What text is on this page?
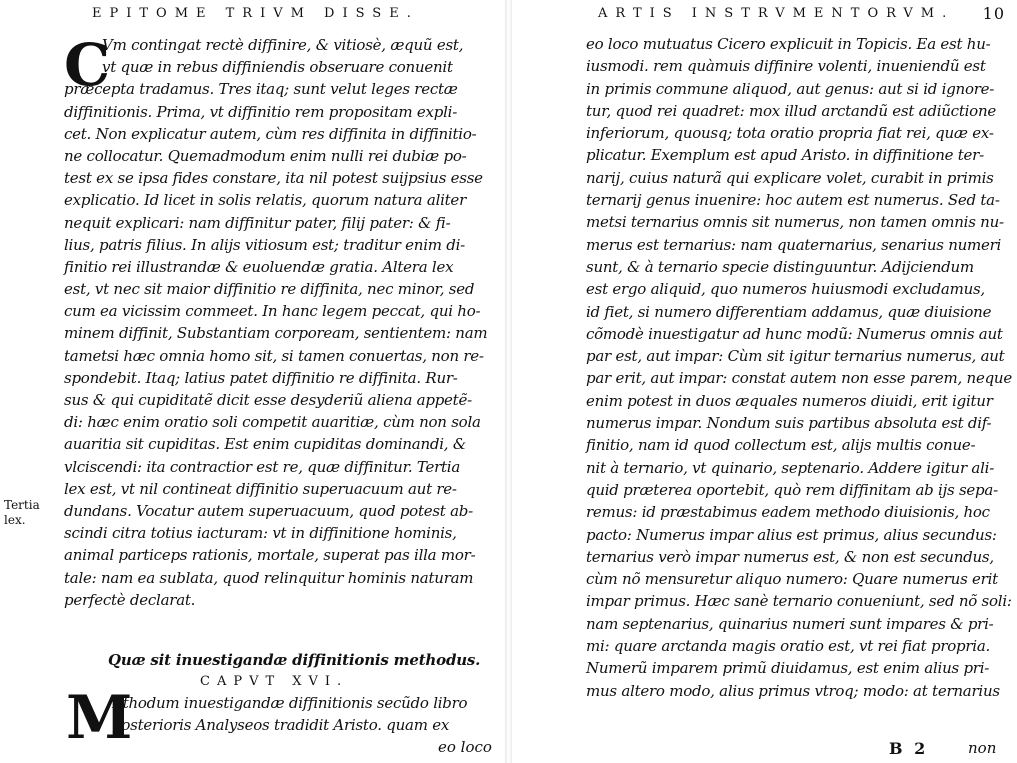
EPITOME TRIVM DISSE.
C
Vm contingat rectè diffinire, & vitiosè, æquũ est,
vt quæ in rebus diffiniendis obseruare conuenit
præcepta tradamus. Tres itaq; sunt velut leges rectæ
diffinitionis. Prima, vt diffinitio rem propositam expli-
cet. Non explicatur autem, cùm res diffinita in diffinitio-
ne collocatur. Quemadmodum enim nulli rei dubiæ po-
test ex se ipsa fides constare, ita nil potest suijpsius esse
explicatio. Id licet in solis relatis, quorum natura aliter
nequit explicari: nam diffinitur pater, filij pater: & fi-
lius, patris filius. In alijs vitiosum est; traditur enim di-
finitio rei illustrandæ & euoluendæ gratia. Altera lex
est, vt nec sit maior diffinitio re diffinita, nec minor, sed
cum ea vicissim commeet. In hanc legem peccat, qui ho-
minem diffinit, Substantiam corpoream, sentientem: nam
tametsi hæc omnia homo sit, si tamen conuertas, non re-
spondebit. Itaq; latius patet diffinitio re diffinita. Rur-
sus & qui cupiditatẽ dicit esse desyderiũ aliena appetẽ-
di: hæc enim oratio soli competit auaritiæ, cùm non sola
auaritia sit cupiditas. Est enim cupiditas dominandi, &
vlciscendi: ita contractior est re, quæ diffinitur. Tertia
lex est, vt nil contineat diffinitio superuacuum aut re-
dundans. Vocatur autem superuacuum, quod potest ab-
scindi citra totius iacturam: vt in diffinitione hominis,
animal particeps rationis, mortale, superat pas illa mor-
tale: nam ea sublata, quod relinquitur hominis naturam
perfectè declarat.
Tertia
lex.
Quæ sit inuestigandæ diffinitionis methodus.
CAPVT XVI.
M
Ethodum inuestigandæ diffinitionis secũdo libro
posterioris Analyseos tradidit Aristo. quam ex
eo loco
ARTIS INSTRVMENTORVM. 10
eo loco mutuatus Cicero explicuit in Topicis. Ea est hu-
iusmodi. rem quàmuis diffinire volenti, inueniendũ est
in primis commune aliquod, aut genus: aut si id ignore-
tur, quod rei quadret: mox illud arctandũ est adiũctione
inferiorum, quousq; tota oratio propria fiat rei, quæ ex-
plicatur. Exemplum est apud Aristo. in diffinitione ter-
narij, cuius naturã qui explicare volet, curabit in primis
ternarij genus inuenire: hoc autem est numerus. Sed ta-
metsi ternarius omnis sit numerus, non tamen omnis nu-
merus est ternarius: nam quaternarius, senarius numeri
sunt, & à ternario specie distinguuntur. Adijciendum
est ergo aliquid, quo numeros huiusmodi excludamus,
id fiet, si numero differentiam addamus, quæ diuisione
cõmodè inuestigatur ad hunc modũ: Numerus omnis aut
par est, aut impar: Cùm sit igitur ternarius numerus, aut
par erit, aut impar: constat autem non esse parem, neque
enim potest in duos æquales numeros diuidi, erit igitur
numerus impar. Nondum suis partibus absoluta est dif-
finitio, nam id quod collectum est, alijs multis conue-
nit à ternario, vt quinario, septenario. Addere igitur ali-
quid præterea oportebit, quò rem diffinitam ab ijs sepa-
remus: id præstabimus eadem methodo diuisionis, hoc
pacto: Numerus impar alius est primus, alius secundus:
ternarius verò impar numerus est, & non est secundus,
cùm nõ mensuretur aliquo numero: Quare numerus erit
impar primus. Hæc sanè ternario conueniunt, sed nõ soli:
nam septenarius, quinarius numeri sunt impares & pri-
mi: quare arctanda magis oratio est, vt rei fiat propria.
Numerũ imparem primũ diuidamus, est enim alius pri-
mus altero modo, alius primus vtroq; modo: at ternarius
B 2	non
